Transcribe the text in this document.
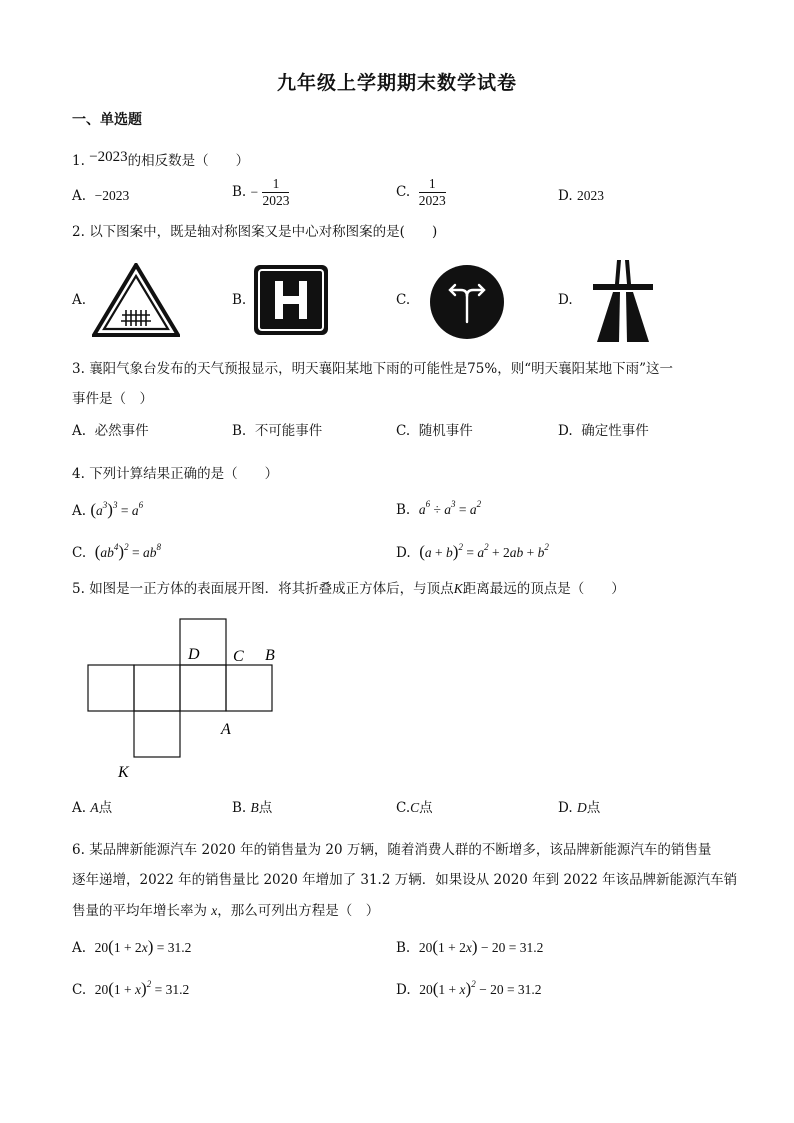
九年级上学期期末数学试卷
一、单选题
1. −2023的相反数是（　　）
A. −2023	B. − $\frac{1}{2023}$	C. $\frac{1}{2023}$	D. 2023
2. 以下图案中，既是轴对称图案又是中心对称图案的是(　　)
A.	B.	C.	D.
3. 襄阳气象台发布的天气预报显示，明天襄阳某地下雨的可能性是75%，则“明天襄阳某地下雨”这一
事件是（　）
A. 必然事件	B. 不可能事件	C. 随机事件	D. 确定性事件
4. 下列计算结果正确的是（　　）
A. $(a^3)^3 = a^6$	B. $a^6 \div a^3 = a^2$
C. $(ab^4)^2 = ab^8$	D. $(a + b)^2 = a^2 + 2ab + b^2$
5. 如图是一正方体的表面展开图．将其折叠成正方体后，与顶点K距离最远的顶点是（　　）
D C B
A
K
A. A点	B. B点	C.C点	D. D点
6. 某品牌新能源汽车 2020 年的销售量为 20 万辆，随着消费人群的不断增多，该品牌新能源汽车的销售量
逐年递增，2022 年的销售量比 2020 年增加了 31.2 万辆．如果设从 2020 年到 2022 年该品牌新能源汽车销
售量的平均年增长率为 x，那么可列出方程是（　）
A. 20(1 + 2x) = 31.2	B. 20(1 + 2x) − 20 = 31.2
C. $20(1 + x)^2 = 31.2$	D. $20(1 + x)^2 - 20 = 31.2$
